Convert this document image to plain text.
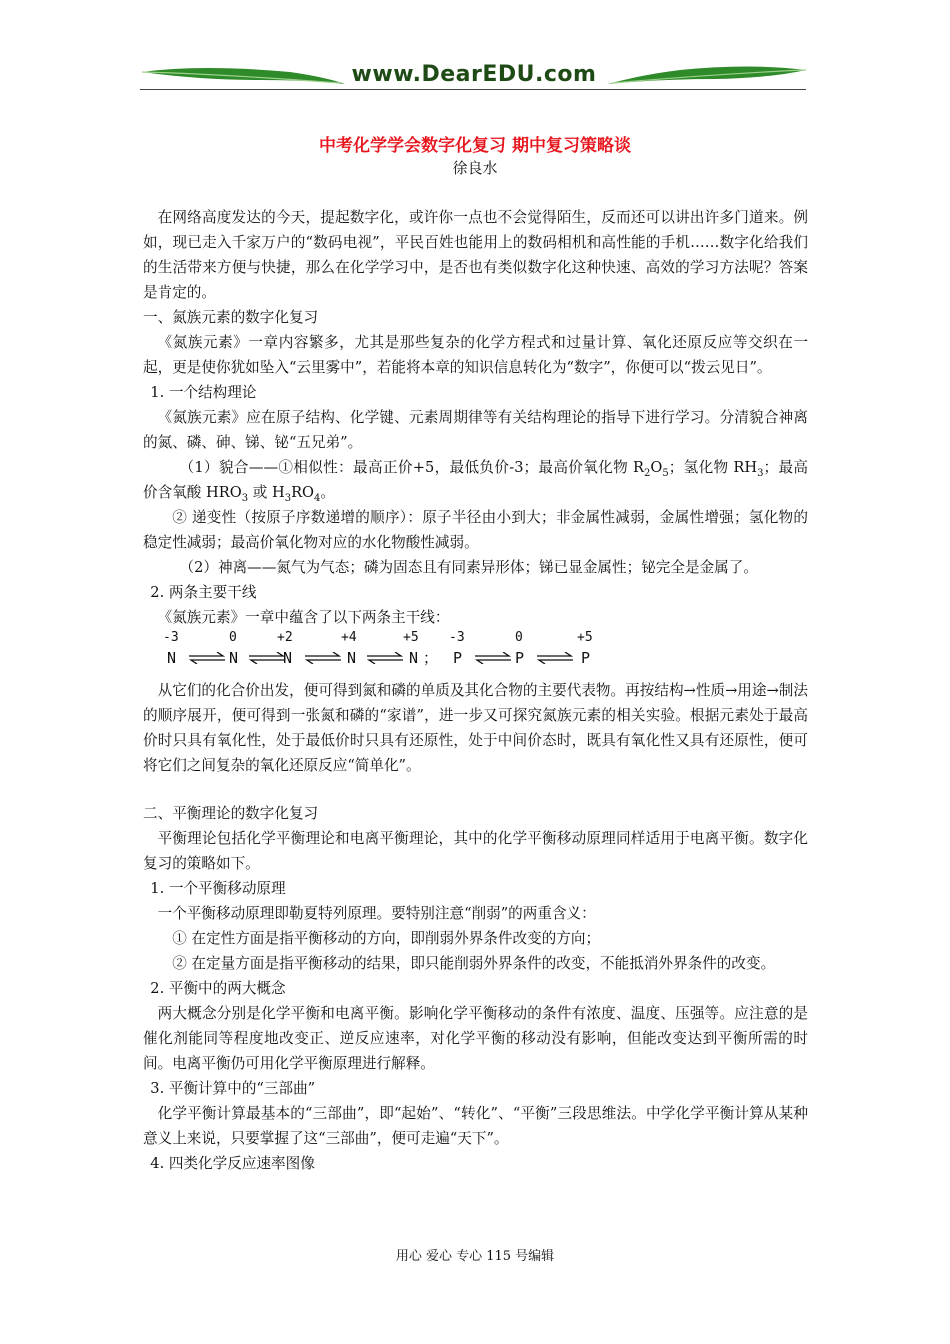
www.DearEDU.com
中考化学学会数字化复习 期中复习策略谈
徐良水

在网络高度发达的今天，提起数字化，或许你一点也不会觉得陌生，反而还可以讲出许多门道来。例如，现已走入千家万户的“数码电视”，平民百姓也能用上的数码相机和高性能的手机……数字化给我们的生活带来方便与快捷，那么在化学学习中，是否也有类似数字化这种快速、高效的学习方法呢？答案是肯定的。

一、氮族元素的数字化复习

《氮族元素》一章内容繁多，尤其是那些复杂的化学方程式和过量计算、氧化还原反应等交织在一起，更是使你犹如坠入“云里雾中”，若能将本章的知识信息转化为“数字”，你便可以“拨云见日”。

1. 一个结构理论

《氮族元素》应在原子结构、化学键、元素周期律等有关结构理论的指导下进行学习。分清貌合神离的氮、磷、砷、锑、铋“五兄弟”。

（1）貌合——①相似性：最高正价+5，最低负价-3；最高价氧化物 $R_2O_5$；氢化物 $RH_3$；最高价含氧酸 $HRO_3$ 或 $H_3RO_4$。

② 递变性（按原子序数递增的顺序）：原子半径由小到大；非金属性减弱，金属性增强；氢化物的稳定性减弱；最高价氧化物对应的水化物酸性减弱。

（2）神离——氮气为气态；磷为固态且有同素异形体；锑已显金属性；铋完全是金属了。

2. 两条主要干线

《氮族元素》一章中蕴含了以下两条主干线：

-3	0	+2	+4	+5 -3	0	+5
N ⇌ N ⇌
N ⇌ N ⇌ N ； P ⇌ P ⇌ P

从它们的化合价出发，便可得到氮和磷的单质及其化合物的主要代表物。再按结构→性质→用途→制法的顺序展开，便可得到一张氮和磷的“家谱”，进一步又可探究氮族元素的相关实验。根据元素处于最高价时只具有氧化性，处于最低价时只具有还原性，处于中间价态时，既具有氧化性又具有还原性，便可将它们之间复杂的氧化还原反应“简单化”。

二、平衡理论的数字化复习

平衡理论包括化学平衡理论和电离平衡理论，其中的化学平衡移动原理同样适用于电离平衡。数字化复习的策略如下。

1. 一个平衡移动原理

一个平衡移动原理即勒夏特列原理。要特别注意“削弱”的两重含义：

① 在定性方面是指平衡移动的方向，即削弱外界条件改变的方向；

② 在定量方面是指平衡移动的结果，即只能削弱外界条件的改变，不能抵消外界条件的改变。

2. 平衡中的两大概念

两大概念分别是化学平衡和电离平衡。影响化学平衡移动的条件有浓度、温度、压强等。应注意的是催化剂能同等程度地改变正、逆反应速率，对化学平衡的移动没有影响，但能改变达到平衡所需的时间。电离平衡仍可用化学平衡原理进行解释。

3. 平衡计算中的“三部曲”

化学平衡计算最基本的“三部曲”，即“起始”、“转化”、“平衡”三段思维法。中学化学平衡计算从某种意义上来说，只要掌握了这“三部曲”，便可走遍“天下”。

4. 四类化学反应速率图像

用心 爱心 专心 115 号编辑
